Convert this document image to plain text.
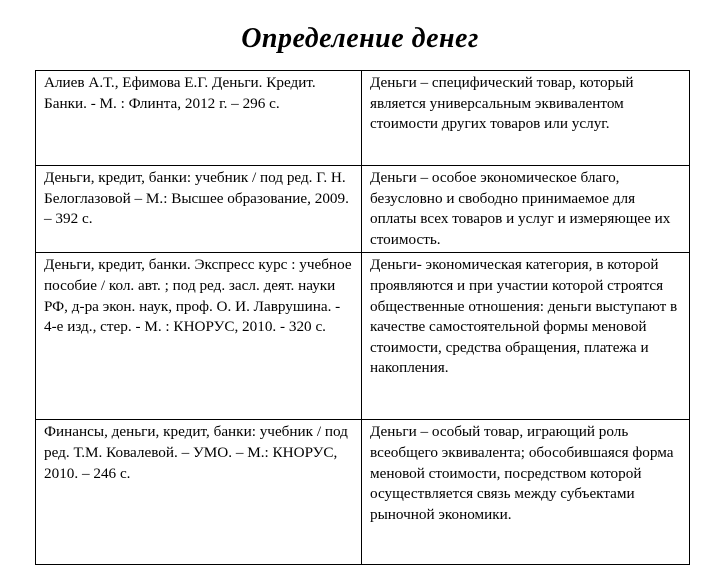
Определение денег
Алиев А.Т., Ефимова Е.Г. Деньги. Кредит. Банки. - М. : Флинта, 2012 г. – 296 с.	Деньги – специфический товар, который является универсальным эквивалентом стоимости других товаров или услуг.
Деньги, кредит, банки: учебник / под ред. Г. Н. Белоглазовой – М.: Высшее образование, 2009. – 392 с.	Деньги – особое экономическое благо, безусловно и свободно принимаемое для оплаты всех товаров и услуг и измеряющее их стоимость.
Деньги, кредит, банки. Экспресс курс : учебное пособие / кол. авт. ; под ред. засл. деят. науки РФ, д-ра экон. наук, проф. О. И. Лаврушина. - 4-е изд., стер. - М. : КНОРУС, 2010. - 320 с.	Деньги- экономическая категория, в которой проявляются и при участии которой строятся общественные отношения: деньги выступают в качестве самостоятельной формы меновой стоимости, средства обращения, платежа и накопления.
Финансы, деньги, кредит, банки: учебник / под ред. Т.М. Ковалевой. – УМО. – М.: КНОРУС, 2010. – 246 с.	Деньги – особый товар, играющий роль всеобщего эквивалента; обособившаяся форма меновой стоимости, посредством которой осуществляется связь между субъектами рыночной экономики.
